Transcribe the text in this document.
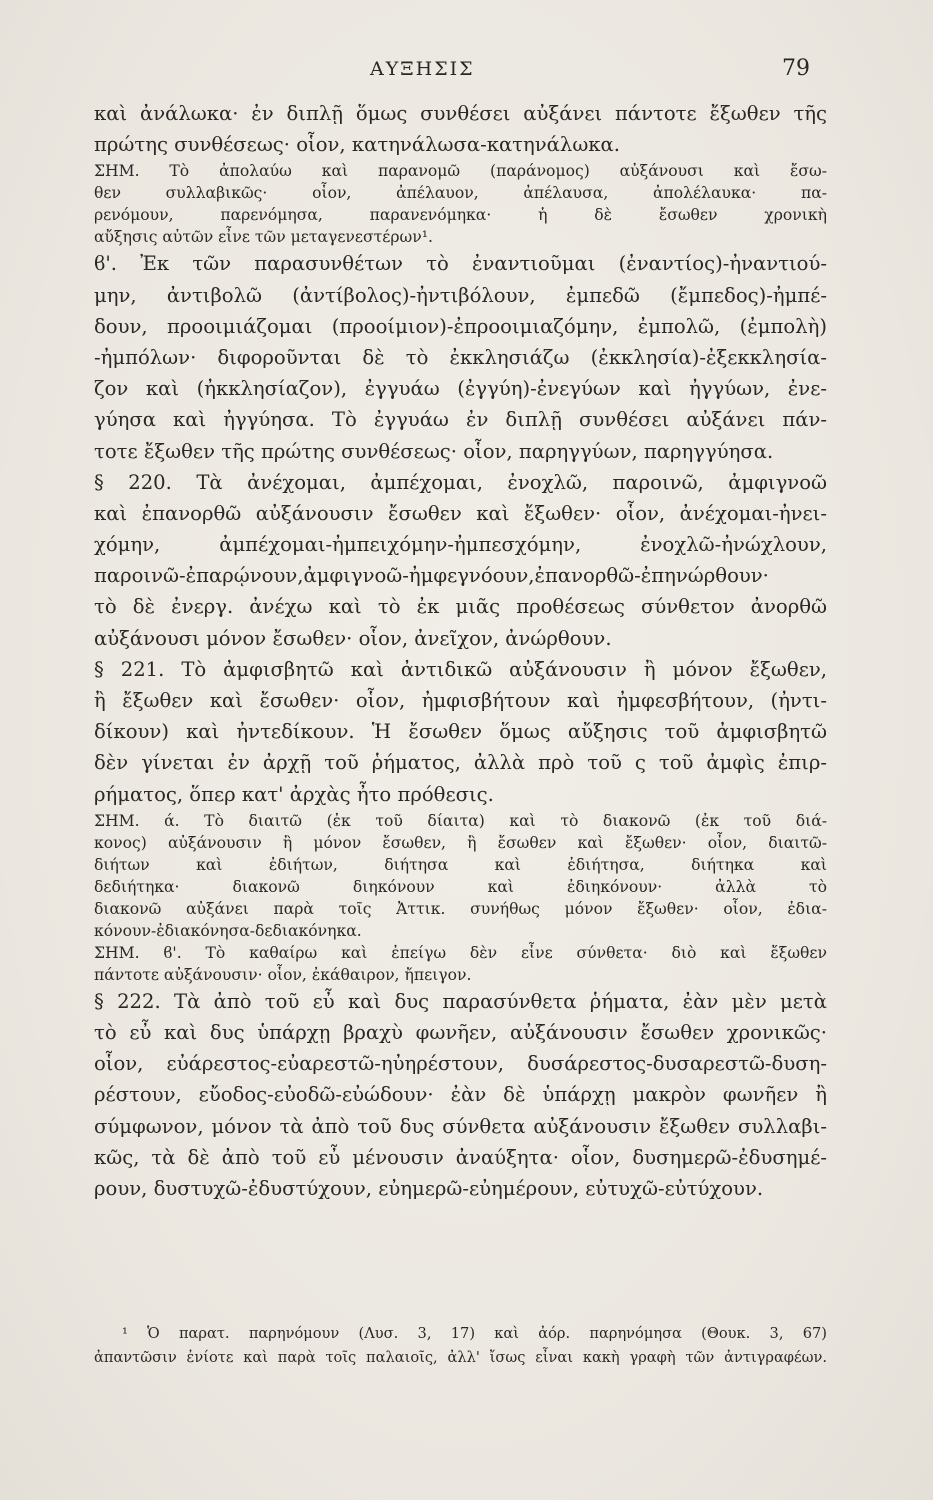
ΑΥΞΗΣΙΣ	79
καὶ ἀνάλωκα· ἐν διπλῇ ὅμως συνθέσει αὐξάνει πάντοτε ἔξωθεν τῆς
πρώτης συνθέσεως· οἷον, κατηνάλωσα-κατηνάλωκα.
ΣΗΜ. Τὸ ἀπολαύω καὶ παρανομῶ (παράνομος) αὐξάνουσι καὶ ἔσω-
θεν συλλαβικῶς· οἷον, ἀπέλαυον, ἀπέλαυσα, ἀπολέλαυκα· πα-
ρενόμουν, παρενόμησα, παρανενόμηκα· ἡ δὲ ἔσωθεν χρονικὴ
αὔξησις αὐτῶν εἶνε τῶν μεταγενεστέρων¹.
ϐ'. Ἐκ τῶν παρασυνθέτων τὸ ἐναντιοῦμαι (ἐναντίος)-ἠναντιού-
μην, ἀντιβολῶ (ἀντίβολος)-ἠντιβόλουν, ἐμπεδῶ (ἔμπεδος)-ἠμπέ-
δουν, προοιμιάζομαι (προοίμιον)-ἐπροοιμιαζόμην, ἐμπολῶ, (ἐμπολὴ)
-ἠμπόλων· διφοροῦνται δὲ τὸ ἐκκλησιάζω (ἐκκλησία)-ἐξεκκλησία-
ζον καὶ (ἠκκλησίαζον), ἐγγυάω (ἐγγύη)-ἐνεγύων καὶ ἠγγύων, ἐνε-
γύησα καὶ ἠγγύησα. Τὸ ἐγγυάω ἐν διπλῇ συνθέσει αὐξάνει πάν-
τοτε ἔξωθεν τῆς πρώτης συνθέσεως· οἷον, παρηγγύων, παρηγγύησα.
§ 220. Τὰ ἀνέχομαι, ἀμπέχομαι, ἐνοχλῶ, παροινῶ, ἀμφιγνοῶ
καὶ ἐπανορθῶ αὐξάνουσιν ἔσωθεν καὶ ἔξωθεν· οἷον, ἀνέχομαι-ἠνει-
χόμην, ἀμπέχομαι-ἠμπειχόμην-ἠμπεσχόμην, ἐνοχλῶ-ἠνώχλουν,
παροινῶ-ἐπαρῴνουν,ἀμφιγνοῶ-ἠμφεγνόουν,ἐπανορθῶ-ἐπηνώρθουν·
τὸ δὲ ἐνεργ. ἀνέχω καὶ τὸ ἐκ μιᾶς προθέσεως σύνθετον ἀνορθῶ
αὐξάνουσι μόνον ἔσωθεν· οἷον, ἀνεῖχον, ἀνώρθουν.
§ 221. Τὸ ἀμφισβητῶ καὶ ἀντιδικῶ αὐξάνουσιν ἢ μόνον ἔξωθεν,
ἢ ἔξωθεν καὶ ἔσωθεν· οἷον, ἠμφισβήτουν καὶ ἠμφεσβήτουν, (ἠντι-
δίκουν) καὶ ἠντεδίκουν. Ἡ ἔσωθεν ὅμως αὔξησις τοῦ ἀμφισβητῶ
δὲν γίνεται ἐν ἀρχῇ τοῦ ῥήματος, ἀλλὰ πρὸ τοῦ ς τοῦ ἀμφὶς ἐπιρ-
ρήματος, ὅπερ κατ' ἀρχὰς ἦτο πρόθεσις.
ΣΗΜ. ά. Τὸ διαιτῶ (ἐκ τοῦ δίαιτα) καὶ τὸ διακονῶ (ἐκ τοῦ διά-
κονος) αὐξάνουσιν ἢ μόνον ἔσωθεν, ἢ ἔσωθεν καὶ ἔξωθεν· οἷον, διαιτῶ-
διήτων καὶ ἐδιήτων, διήτησα καὶ ἐδιήτησα, διήτηκα καὶ
δεδιήτηκα· διακονῶ διηκόνουν καὶ ἐδιηκόνουν· ἀλλὰ τὸ
διακονῶ αὐξάνει παρὰ τοῖς Ἀττικ. συνήθως μόνον ἔξωθεν· οἷον, ἐδια-
κόνουν-ἐδιακόνησα-δεδιακόνηκα.
ΣΗΜ. ϐ'. Τὸ καθαίρω καὶ ἐπείγω δὲν εἶνε σύνθετα· διὸ καὶ ἔξωθεν
πάντοτε αὐξάνουσιν· οἷον, ἐκάθαιρον, ἤπειγον.
§ 222. Τὰ ἀπὸ τοῦ εὖ καὶ δυς παρασύνθετα ῥήματα, ἐὰν μὲν μετὰ
τὸ εὖ καὶ δυς ὑπάρχῃ βραχὺ φωνῆεν, αὐξάνουσιν ἔσωθεν χρονικῶς·
οἷον, εὐάρεστος-εὐαρεστῶ-ηὐηρέστουν, δυσάρεστος-δυσαρεστῶ-δυση-
ρέστουν, εὔοδος-εὐοδῶ-εὐώδουν· ἐὰν δὲ ὑπάρχῃ μακρὸν φωνῆεν ἢ
σύμφωνον, μόνον τὰ ἀπὸ τοῦ δυς σύνθετα αὐξάνουσιν ἔξωθεν συλλαβι-
κῶς, τὰ δὲ ἀπὸ τοῦ εὖ μένουσιν ἀναύξητα· οἷον, δυσημερῶ-ἐδυσημέ-
ρουν, δυστυχῶ-ἐδυστύχουν, εὐημερῶ-εὐημέρουν, εὐτυχῶ-εὐτύχουν.
¹ Ὁ παρατ. παρηνόμουν (Λυσ. 3, 17) καὶ ἀόρ. παρηνόμησα (Θουκ. 3, 67)
ἀπαντῶσιν ἐνίοτε καὶ παρὰ τοῖς παλαιοῖς, ἀλλ' ἴσως εἶναι κακὴ γραφὴ τῶν ἀντιγραφέων.
